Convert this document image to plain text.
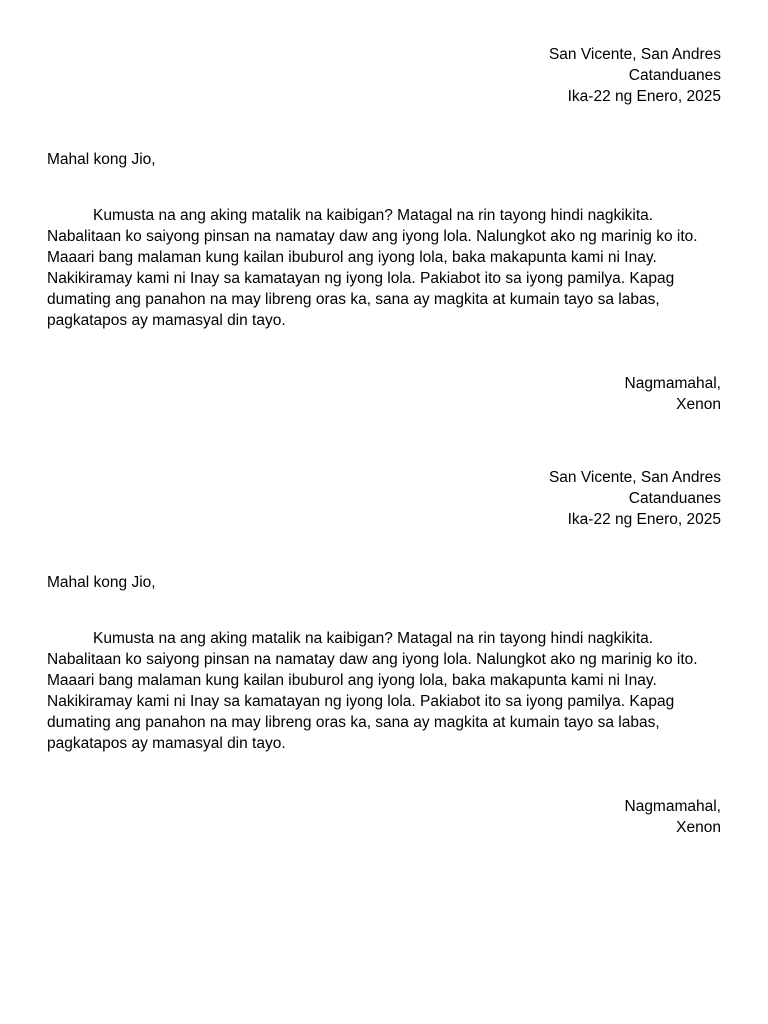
San Vicente, San Andres
Catanduanes
Ika-22 ng Enero, 2025
Mahal kong Jio,
Kumusta na ang aking matalik na kaibigan? Matagal na rin tayong hindi nagkikita. Nabalitaan ko saiyong pinsan na namatay daw ang iyong lola. Nalungkot ako ng marinig ko ito. Maaari bang malaman kung kailan ibuburol ang iyong lola, baka makapunta kami ni Inay. Nakikiramay kami ni Inay sa kamatayan ng iyong lola. Pakiabot ito sa iyong pamilya. Kapag dumating ang panahon na may libreng oras ka, sana ay magkita at kumain tayo sa labas, pagkatapos ay mamasyal din tayo.
Nagmamahal,
Xenon
San Vicente, San Andres
Catanduanes
Ika-22 ng Enero, 2025
Mahal kong Jio,
Kumusta na ang aking matalik na kaibigan? Matagal na rin tayong hindi nagkikita. Nabalitaan ko saiyong pinsan na namatay daw ang iyong lola. Nalungkot ako ng marinig ko ito. Maaari bang malaman kung kailan ibuburol ang iyong lola, baka makapunta kami ni Inay. Nakikiramay kami ni Inay sa kamatayan ng iyong lola. Pakiabot ito sa iyong pamilya. Kapag dumating ang panahon na may libreng oras ka, sana ay magkita at kumain tayo sa labas, pagkatapos ay mamasyal din tayo.
Nagmamahal,
Xenon
